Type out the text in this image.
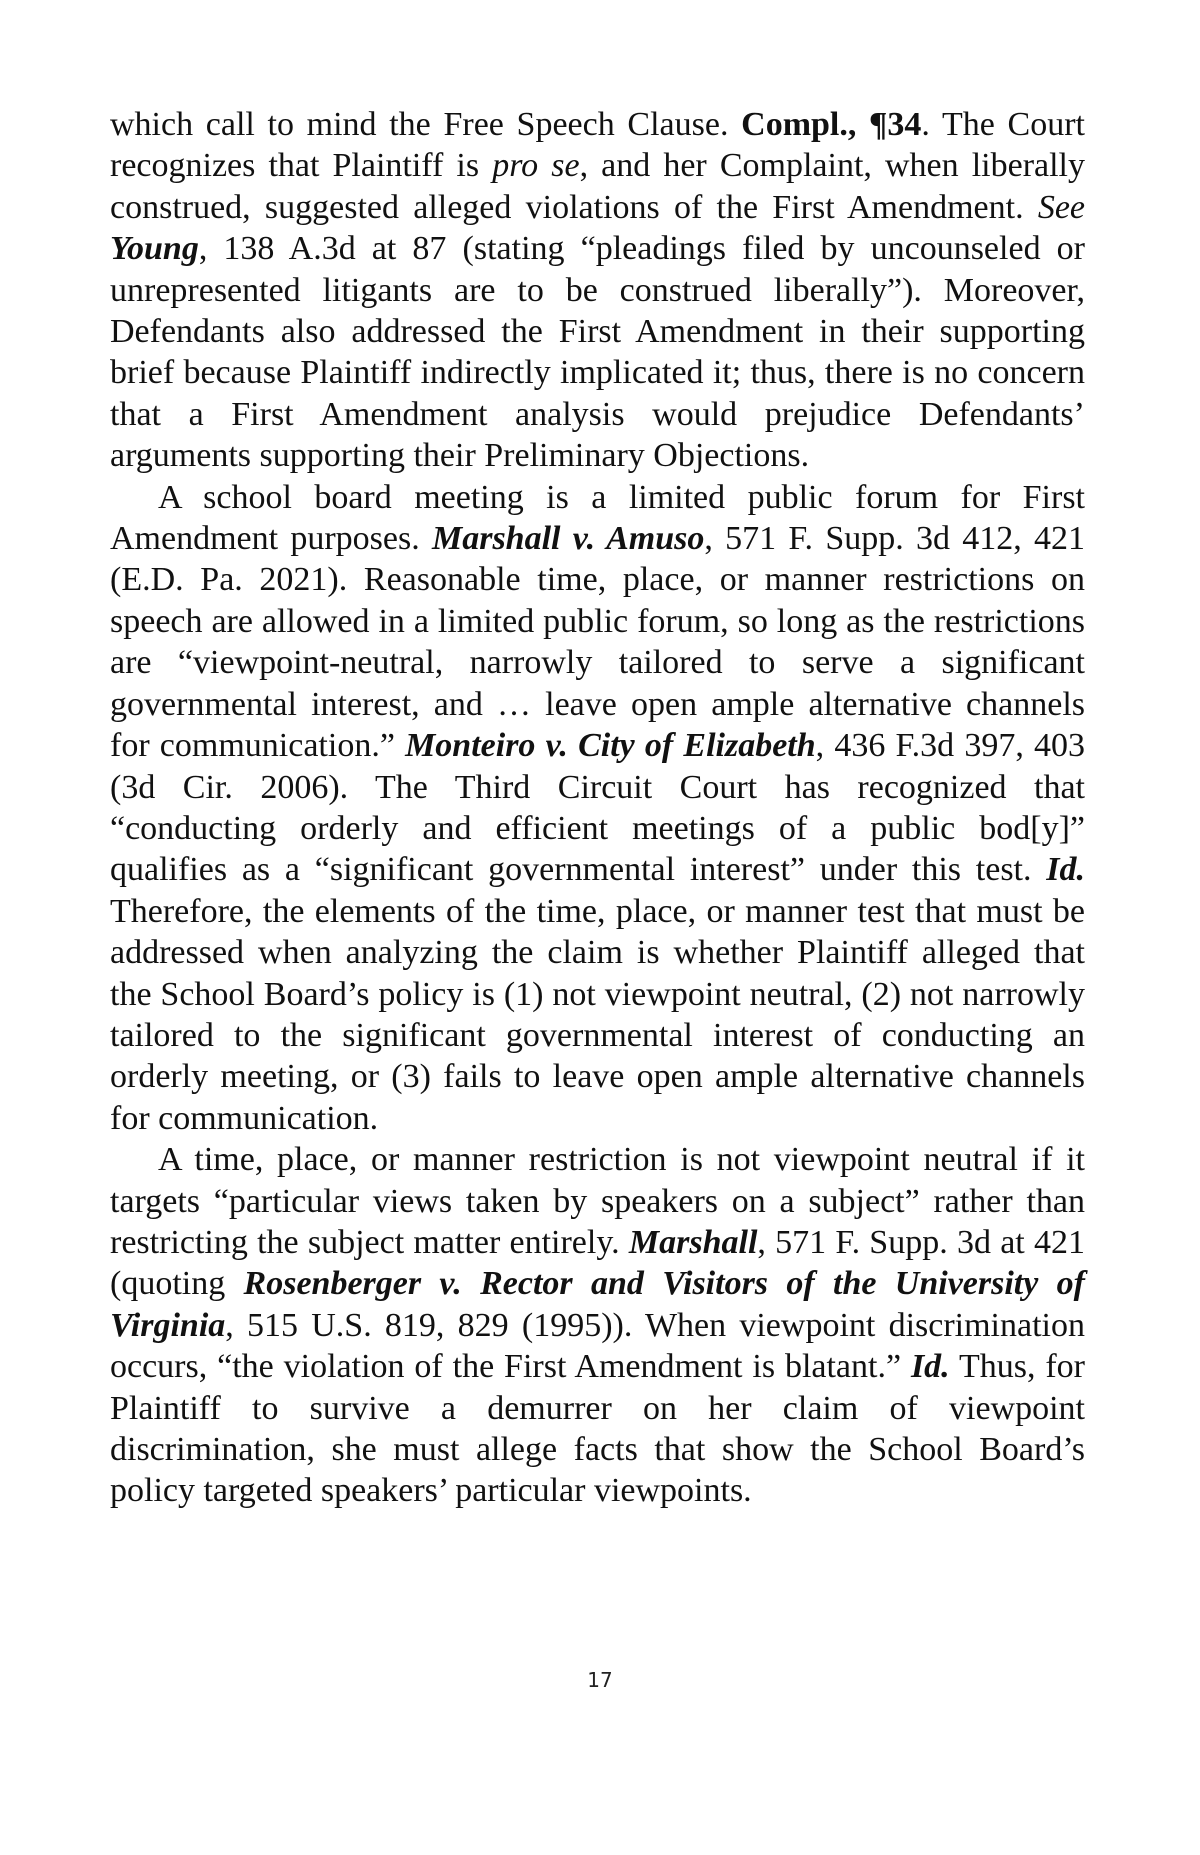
which call to mind the Free Speech Clause. Compl., ¶34. The Court recognizes that Plaintiff is pro se, and her Complaint, when liberally construed, suggested alleged violations of the First Amendment. See Young, 138 A.3d at 87 (stating “pleadings filed by uncounseled or unrepresented litigants are to be construed liberally”). Moreover, Defendants also addressed the First Amendment in their supporting brief because Plaintiff indirectly implicated it; thus, there is no concern that a First Amendment analysis would prejudice Defendants’ arguments supporting their Preliminary Objections.

A school board meeting is a limited public forum for First Amendment purposes. Marshall v. Amuso, 571 F. Supp. 3d 412, 421 (E.D. Pa. 2021). Reasonable time, place, or manner restrictions on speech are allowed in a limited public forum, so long as the restrictions are “viewpoint-neutral, narrowly tailored to serve a significant governmental interest, and … leave open ample alternative channels for communication.” Monteiro v. City of Elizabeth, 436 F.3d 397, 403 (3d Cir. 2006). The Third Circuit Court has recognized that “conducting orderly and efficient meetings of a public bod[y]” qualifies as a “significant governmental interest” under this test. Id. Therefore, the elements of the time, place, or manner test that must be addressed when analyzing the claim is whether Plaintiff alleged that the School Board’s policy is (1) not viewpoint neutral, (2) not narrowly tailored to the significant governmental interest of conducting an orderly meeting, or (3) fails to leave open ample alternative channels for communication.

A time, place, or manner restriction is not viewpoint neutral if it targets “particular views taken by speakers on a subject” rather than restricting the subject matter entirely. Marshall, 571 F. Supp. 3d at 421 (quoting Rosenberger v. Rector and Visitors of the University of Virginia, 515 U.S. 819, 829 (1995)). When viewpoint discrimination occurs, “the violation of the First Amendment is blatant.” Id. Thus, for Plaintiff to survive a demurrer on her claim of viewpoint discrimination, she must allege facts that show the School Board’s policy targeted speakers’ particular viewpoints.

17
